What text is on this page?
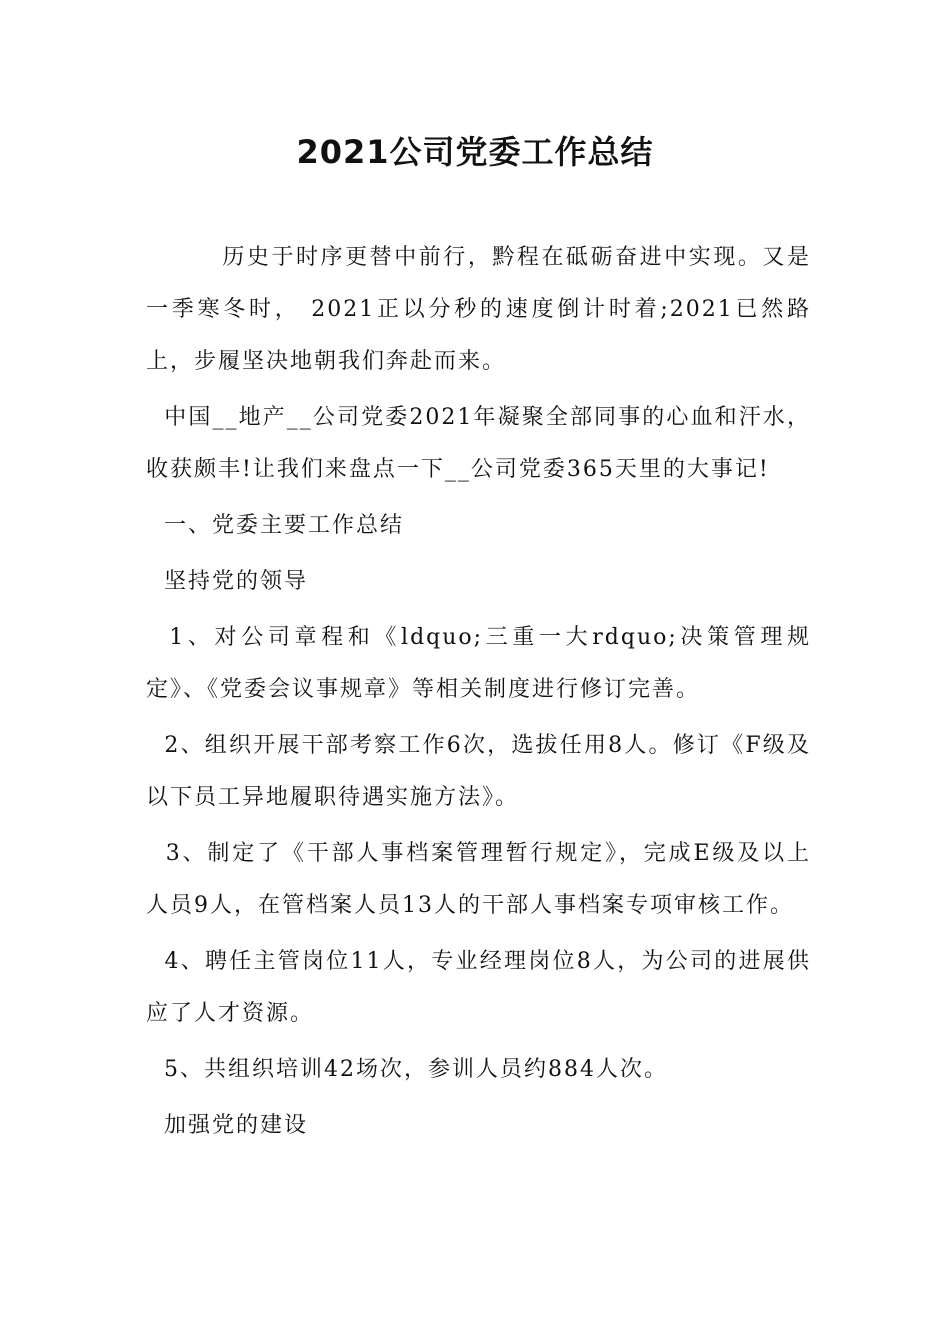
2021公司党委工作总结

历史于时序更替中前行，黔程在砥砺奋进中实现。又是一季寒冬时， 2021正以分秒的速度倒计时着;2021已然路上，步履坚决地朝我们奔赴而来。

中国__地产__公司党委2021年凝聚全部同事的心血和汗水，收获颇丰!让我们来盘点一下__公司党委365天里的大事记!

一、党委主要工作总结

坚持党的领导

1、对公司章程和《ldquo;三重一大rdquo;决策管理规定》、《党委会议事规章》等相关制度进行修订完善。

2、组织开展干部考察工作6次，选拔任用8人。修订《F级及以下员工异地履职待遇实施方法》。

3、制定了《干部人事档案管理暂行规定》，完成E级及以上人员9人，在管档案人员13人的干部人事档案专项审核工作。

4、聘任主管岗位11人，专业经理岗位8人，为公司的进展供应了人才资源。

5、共组织培训42场次，参训人员约884人次。

加强党的建设
